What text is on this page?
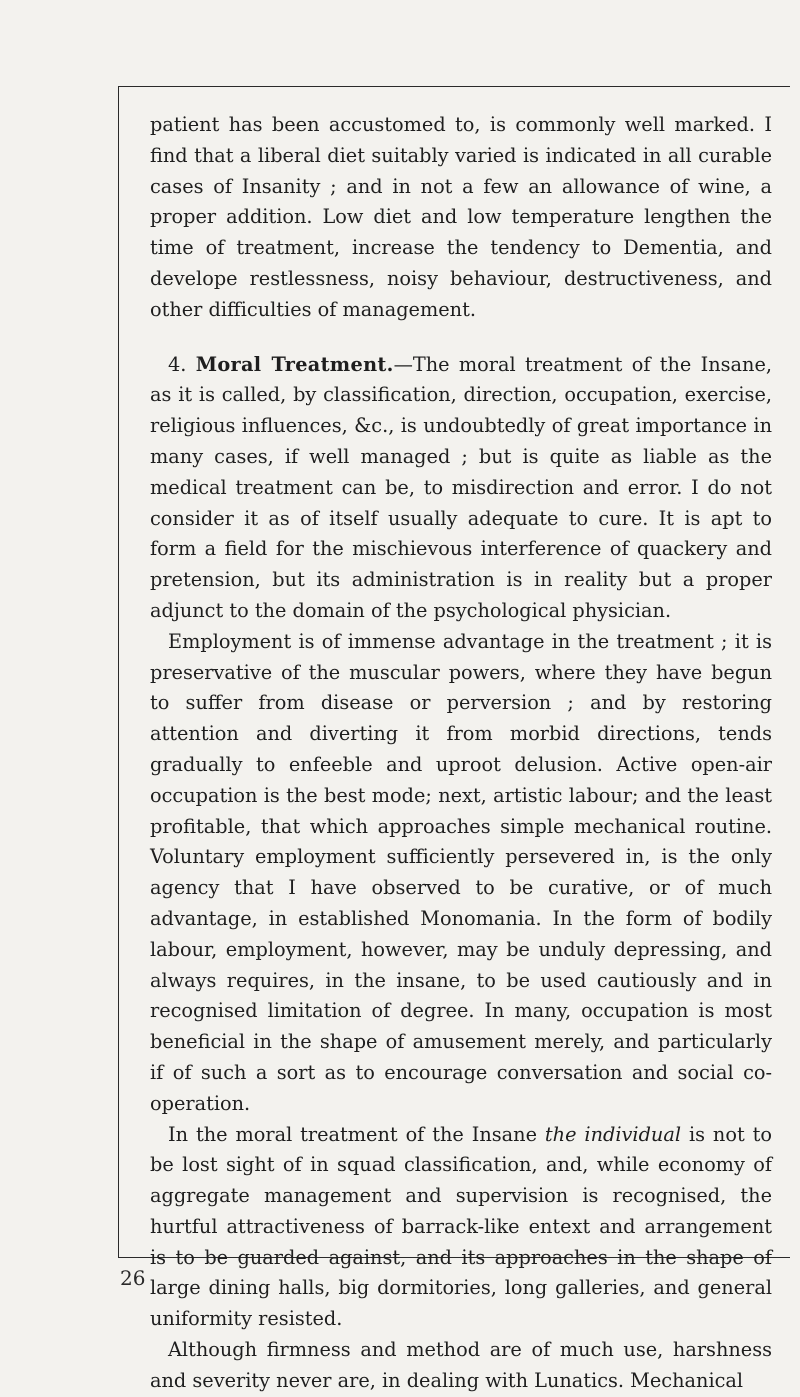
patient has been accustomed to, is commonly well marked. I find that a liberal diet suitably varied is indicated in all curable cases of Insanity ; and in not a few an allowance of wine, a proper addition. Low diet and low temperature lengthen the time of treatment, increase the tendency to Dementia, and develope restlessness, noisy behaviour, destructiveness, and other difficulties of management.

4. Moral Treatment.—The moral treatment of the Insane, as it is called, by classification, direction, occupation, exercise, religious influences, &c., is undoubtedly of great importance in many cases, if well managed ; but is quite as liable as the medical treatment can be, to misdirection and error. I do not consider it as of itself usually adequate to cure. It is apt to form a field for the mischievous interference of quackery and pretension, but its administration is in reality but a proper adjunct to the domain of the psychological physician.

Employment is of immense advantage in the treatment ; it is preservative of the muscular powers, where they have begun to suffer from disease or perversion ; and by restoring attention and diverting it from morbid directions, tends gradually to enfeeble and uproot delusion. Active open-air occupation is the best mode; next, artistic labour; and the least profitable, that which approaches simple mechanical routine. Voluntary employment sufficiently persevered in, is the only agency that I have observed to be curative, or of much advantage, in established Monomania. In the form of bodily labour, employment, however, may be unduly depressing, and always requires, in the insane, to be used cautiously and in recognised limitation of degree. In many, occupation is most beneficial in the shape of amusement merely, and particularly if of such a sort as to encourage conversation and social co-operation.

In the moral treatment of the Insane the individual is not to be lost sight of in squad classification, and, while economy of aggregate management and supervision is recognised, the hurtful attractiveness of barrack-like entext and arrangement is to be guarded against, and its approaches in the shape of large dining halls, big dormitories, long galleries, and general uniformity resisted.

Although firmness and method are of much use, harshness and severity never are, in dealing with Lunatics. Mechanical

26
